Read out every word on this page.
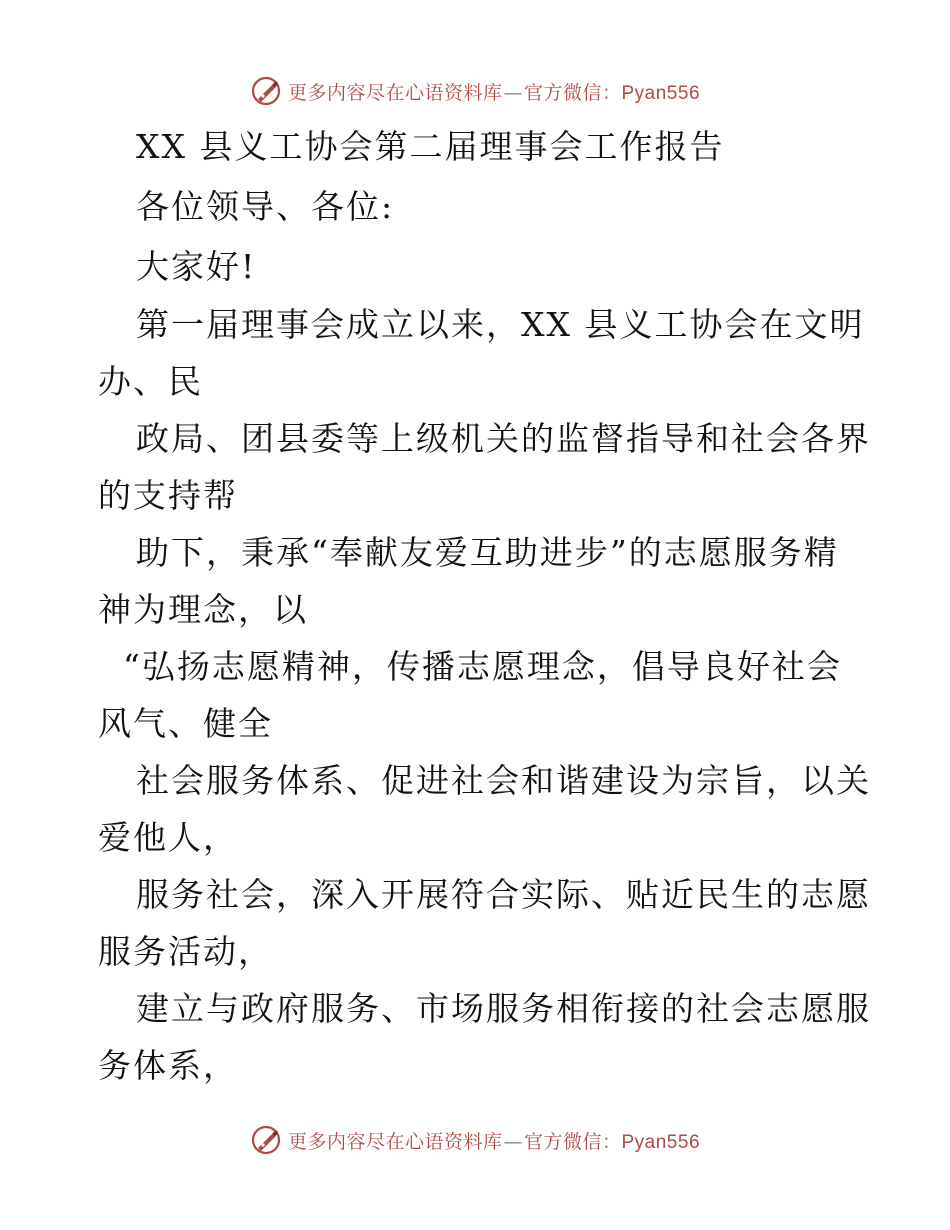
更多内容尽在心语资料库—官方微信：Pyan556
XX 县义工协会第二届理事会工作报告
各位领导、各位:
大家好!
第一届理事会成立以来，XX 县义工协会在文明
办、民
政局、团县委等上级机关的监督指导和社会各界
的支持帮
助下，秉承“奉献友爱互助进步”的志愿服务精
神为理念，以
“弘扬志愿精神，传播志愿理念，倡导良好社会
风气、健全
社会服务体系、促进社会和谐建设为宗旨，以关
爱他人，
服务社会，深入开展符合实际、贴近民生的志愿
服务活动，
建立与政府服务、市场服务相衔接的社会志愿服
务体系，
更多内容尽在心语资料库—官方微信：Pyan556
